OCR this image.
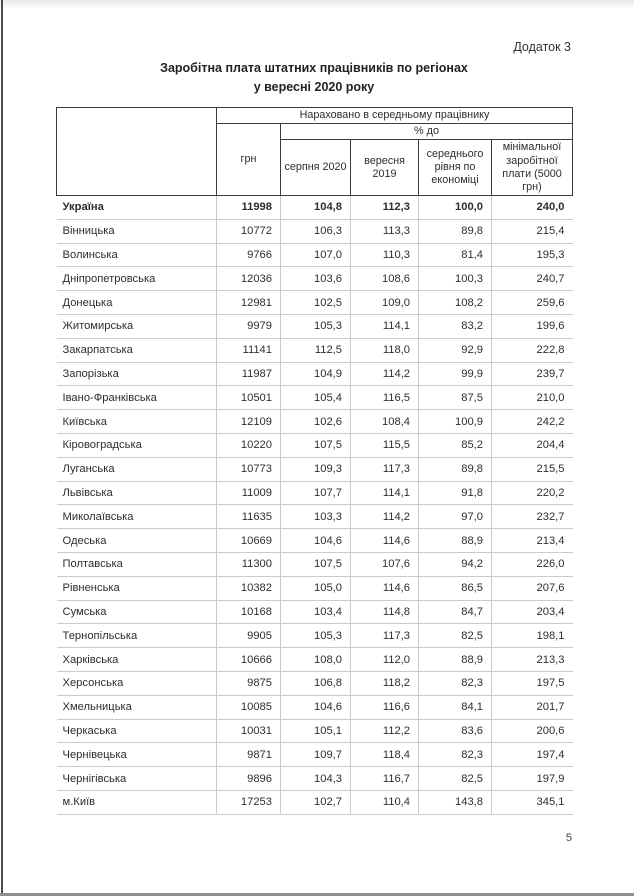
Додаток 3
Заробітна плата штатних працівників по регіонах
у вересні 2020 року
	Нараховано в середньому працівнику				
	грн	% до			
		серпня 2020	вересня 2019	середнього рівня по економіці	мінімальної заробітної плати (5000 грн)
Україна	11998	104,8	112,3	100,0	240,0
Вінницька	10772	106,3	113,3	89,8	215,4
Волинська	9766	107,0	110,3	81,4	195,3
Дніпропетровська	12036	103,6	108,6	100,3	240,7
Донецька	12981	102,5	109,0	108,2	259,6
Житомирська	9979	105,3	114,1	83,2	199,6
Закарпатська	11141	112,5	118,0	92,9	222,8
Запорізька	11987	104,9	114,2	99,9	239,7
Івано-Франківська	10501	105,4	116,5	87,5	210,0
Київська	12109	102,6	108,4	100,9	242,2
Кіровоградська	10220	107,5	115,5	85,2	204,4
Луганська	10773	109,3	117,3	89,8	215,5
Львівська	11009	107,7	114,1	91,8	220,2
Миколаївська	11635	103,3	114,2	97,0	232,7
Одеська	10669	104,6	114,6	88,9	213,4
Полтавська	11300	107,5	107,6	94,2	226,0
Рівненська	10382	105,0	114,6	86,5	207,6
Сумська	10168	103,4	114,8	84,7	203,4
Тернопільська	9905	105,3	117,3	82,5	198,1
Харківська	10666	108,0	112,0	88,9	213,3
Херсонська	9875	106,8	118,2	82,3	197,5
Хмельницька	10085	104,6	116,6	84,1	201,7
Черкаська	10031	105,1	112,2	83,6	200,6
Чернівецька	9871	109,7	118,4	82,3	197,4
Чернігівська	9896	104,3	116,7	82,5	197,9
м.Київ	17253	102,7	110,4	143,8	345,1
5
